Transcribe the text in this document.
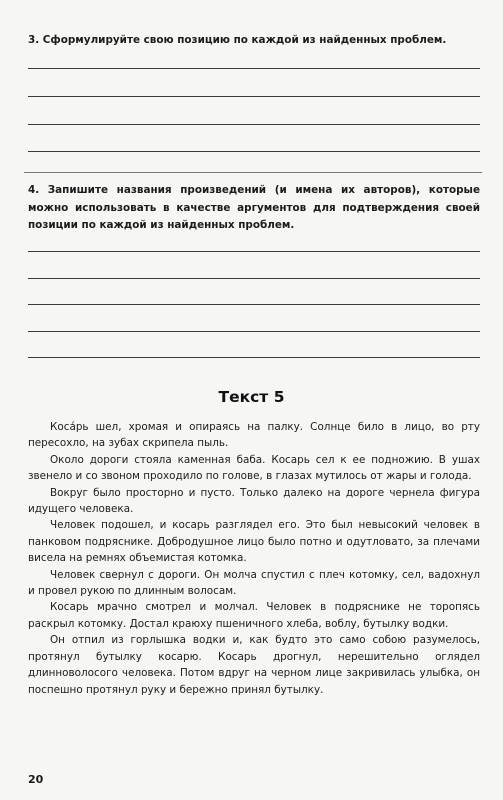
3. Сформулируйте свою позицию по каждой из найденных проблем.
4. Запишите названия произведений (и имена их авторов), которые можно использовать в качестве аргументов для подтверждения своей позиции по каждой из найденных проблем.
Текст 5

Коса́рь шел, хромая и опираясь на палку. Солнце било в лицо, во рту пересохло, на зубах скрипела пыль.

Около дороги стояла каменная баба. Косарь сел к ее подножию. В ушах звенело и со звоном проходило по голове, в глазах мутилось от жары и голода.

Вокруг было просторно и пусто. Только далеко на дороге чернела фигура идущего человека.

Человек подошел, и косарь разглядел его. Это был невысокий человек в панковом подряснике. Добродушное лицо было потно и одутловато, за плечами висела на ремнях объемистая котомка.

Человек свернул с дороги. Он молча спустил с плеч котомку, сел, вадохнул и провел рукою по длинным волосам.

Косарь мрачно смотрел и молчал. Человек в подряснике не торопясь раскрыл котомку. Достал краюху пшеничного хлеба, воблу, бутылку водки.

Он отпил из горлышка водки и, как будто это само собою разумелось, протянул бутылку косарю. Косарь дрогнул, нерешительно оглядел длинноволосого человека. Потом вдруг на черном лице закривилась улыбка, он поспешно протянул руку и бережно принял бутылку.

20
